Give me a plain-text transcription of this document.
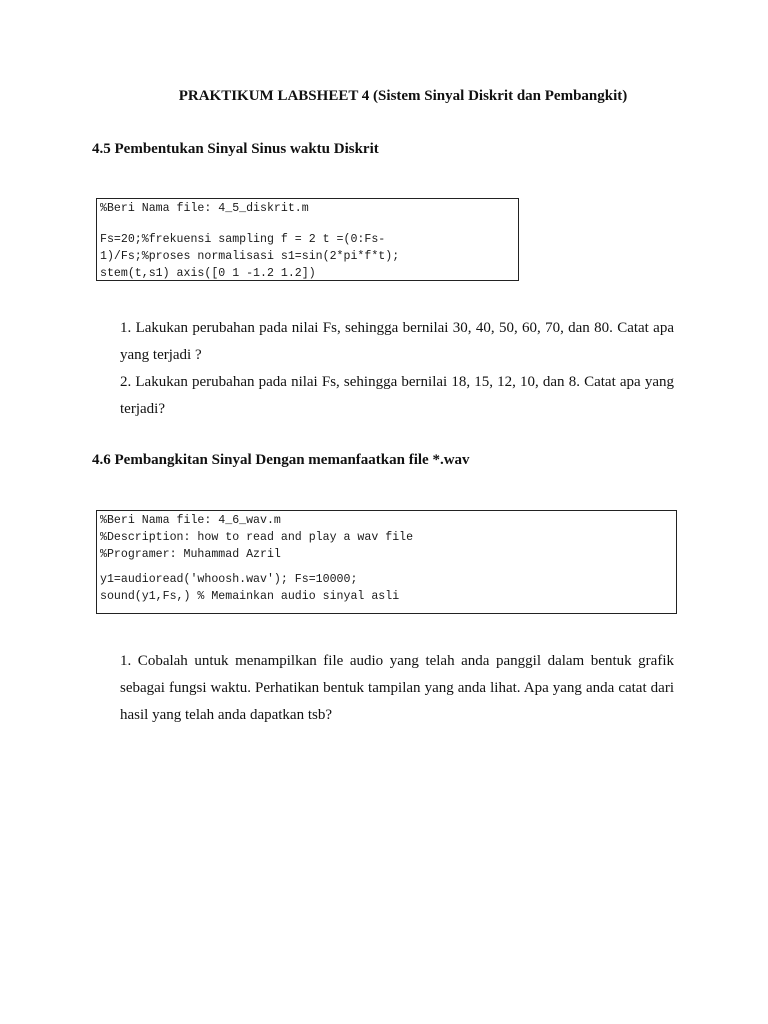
PRAKTIKUM LABSHEET 4 (Sistem Sinyal Diskrit dan Pembangkit)
4.5 Pembentukan Sinyal Sinus waktu Diskrit
%Beri Nama file: 4_5_diskrit.m
Fs=20;%frekuensi sampling f = 2 t =(0:Fs-
1)/Fs;%proses normalisasi s1=sin(2*pi*f*t);
stem(t,s1) axis([0 1 -1.2 1.2])
1. Lakukan perubahan pada nilai Fs, sehingga bernilai 30, 40, 50, 60, 70, dan 80. Catat apa yang terjadi ?
2. Lakukan perubahan pada nilai Fs, sehingga bernilai 18, 15, 12, 10, dan 8. Catat apa yang terjadi?
4.6 Pembangkitan Sinyal Dengan memanfaatkan file *.wav
%Beri Nama file: 4_6_wav.m
%Description: how to read and play a wav file
%Programer: Muhammad Azril
y1=audioread('whoosh.wav'); Fs=10000;
sound(y1,Fs,) % Memainkan audio sinyal asli
1. Cobalah untuk menampilkan file audio yang telah anda panggil dalam bentuk grafik sebagai fungsi waktu. Perhatikan bentuk tampilan yang anda lihat. Apa yang anda catat dari hasil yang telah anda dapatkan tsb?
